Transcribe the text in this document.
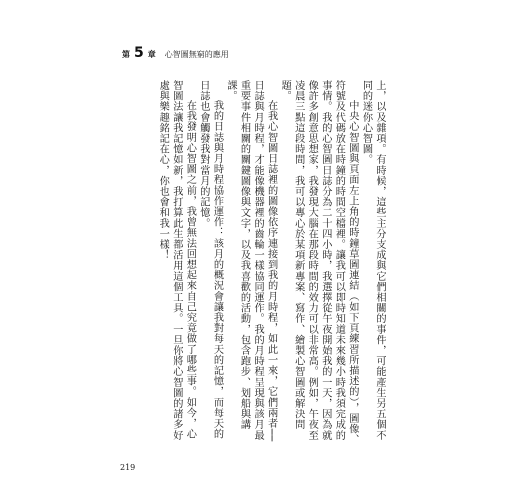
第 5 章 心智圖無窮的應用

上，以及雜項。有時候，這些主分支成與它們相關的事件，可能產生另五個不同的迷你心智圖。

中央心智圖與頁面左上角的時鐘草圖連結（如下頁練習所描述的），圖像、符號及代碼放在時鐘的時間空檔裡。讓我可以即時知道未來幾小時我須完成的事情。我的心智圖日誌分為二十四小時，我選擇從午夜開始我的一天，因為就像許多創意思想家，我發現大腦在那段時間的效力可以非常高。例如，午夜至凌晨三點這段時間，我可以專心於某項新專案、寫作、繪製心智圖或解決問題。

在我心智圖日誌裡的圖像依序連接到我的月時程，如此一來，它們兩者──日誌與月時程，才能像機器裡的齒輪一樣協同運作。我的月時程呈現與該月最重要事件相關的關鍵圖像與文字，以及我喜歡的活動，包含跑步、划船與講課。

我的日誌與月時程協作運作：該月的概況會讓我對每天的記憶，而每天的日誌也會觸發我對當月的記憶。

在我發明心智圖之前，我曾無法回想起來自己究竟做了哪些事。如今，心智圖法讓我記憶如新，我打算此生都活用這個工具。一旦你將心智圖的諸多好處與樂趣銘記在心，你也會和我一樣！

219
